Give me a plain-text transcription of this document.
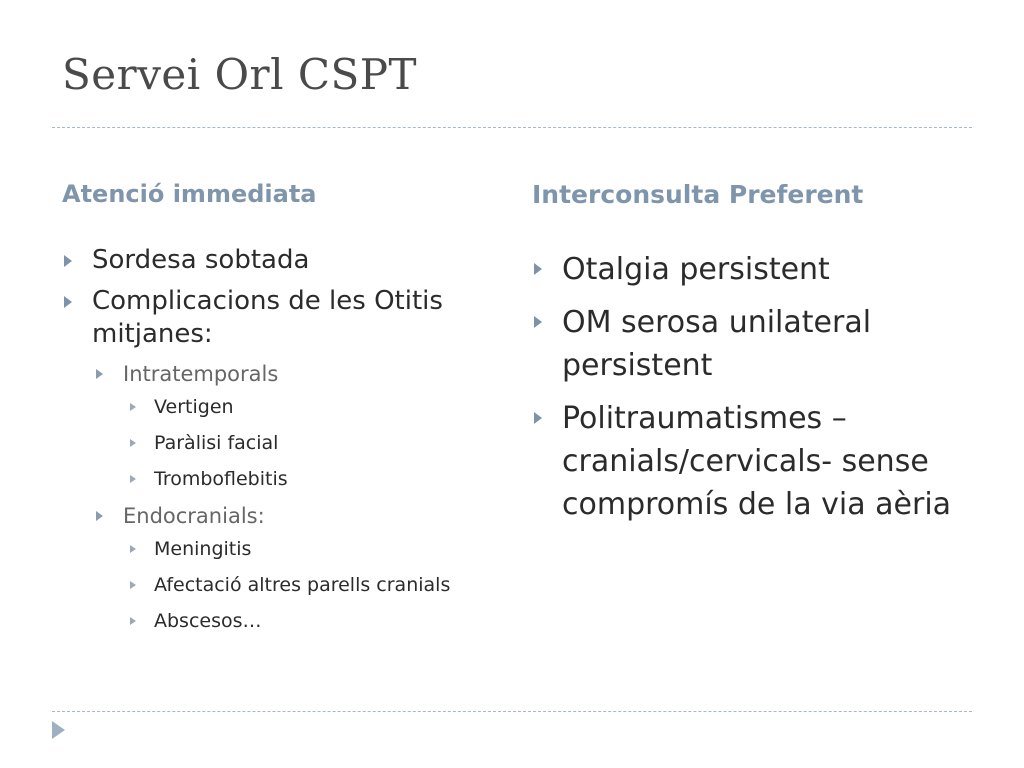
Servei Orl CSPT
Atenció immediata	Interconsulta Preferent
Sordesa sobtada
Complicacions de les Otitis mitjanes:
Intratemporals
Vertigen
Paràlisi facial
Tromboflebitis
Endocranials:
Meningitis
Afectació altres parells cranials
Abscesos…
Otalgia persistent
OM serosa unilateral persistent
Politraumatismes – cranials/cervicals- sense compromís de la via aèria
